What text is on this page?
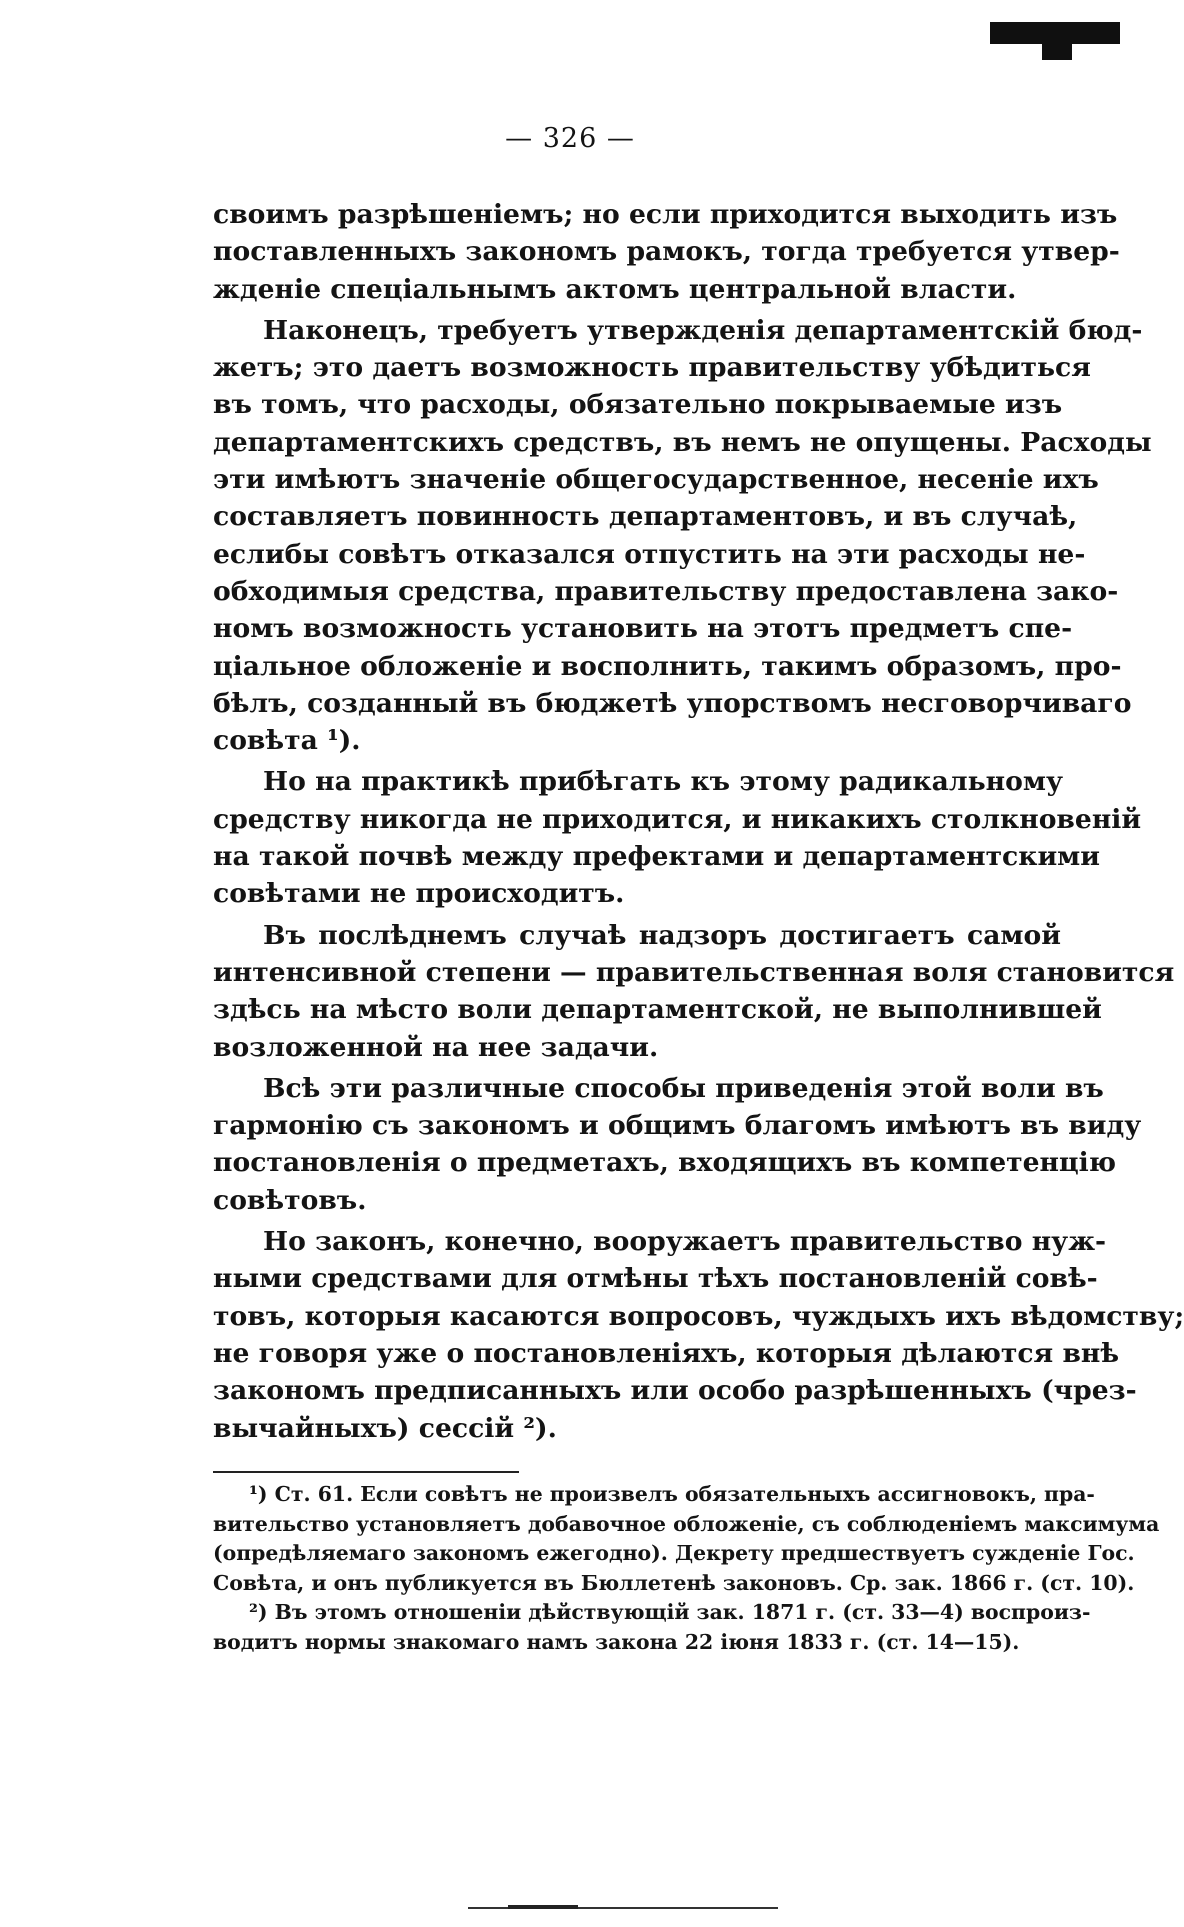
— 326 —
своимъ разрѣшеніемъ; но если приходится выходить изъ
поставленныхъ закономъ рамокъ, тогда требуется утвер-
жденіе спеціальнымъ актомъ центральной власти.
Наконецъ, требуетъ утвержденія департаментскій бюд-
жетъ; это даетъ возможность правительству убѣдиться
въ томъ, что расходы, обязательно покрываемые изъ
департаментскихъ средствъ, въ немъ не опущены. Расходы
эти имѣютъ значеніе общегосударственное, несеніе ихъ
составляетъ повинность департаментовъ, и въ случаѣ,
еслибы совѣтъ отказался отпустить на эти расходы не-
обходимыя средства, правительству предоставлена зако-
номъ возможность установить на этотъ предметъ спе-
ціальное обложеніе и восполнить, такимъ образомъ, про-
бѣлъ, созданный въ бюджетѣ упорствомъ несговорчиваго
совѣта ¹).
Но на практикѣ прибѣгать къ этому радикальному
средству никогда не приходится, и никакихъ столкновеній
на такой почвѣ между префектами и департаментскими
совѣтами не происходитъ.
Въ послѣднемъ случаѣ надзоръ достигаетъ самой
интенсивной степени — правительственная воля становится
здѣсь на мѣсто воли департаментской, не выполнившей
возложенной на нее задачи.
Всѣ эти различные способы приведенія этой воли въ
гармонію съ закономъ и общимъ благомъ имѣютъ въ виду
постановленія о предметахъ, входящихъ въ компетенцію
совѣтовъ.
Но законъ, конечно, вооружаетъ правительство нуж-
ными средствами для отмѣны тѣхъ постановленій совѣ-
товъ, которыя касаются вопросовъ, чуждыхъ ихъ вѣдомству;
не говоря уже о постановленіяхъ, которыя дѣлаются внѣ
закономъ предписанныхъ или особо разрѣшенныхъ (чрез-
вычайныхъ) сессій ²).
¹) Ст. 61. Если совѣтъ не произвелъ обязательныхъ ассигновокъ, пра-
вительство установляетъ добавочное обложеніе, съ соблюденіемъ максимума
(опредѣляемаго закономъ ежегодно). Декрету предшествуетъ сужденіе Гос.
Совѣта, и онъ публикуется въ Бюллетенѣ законовъ. Ср. зак. 1866 г. (ст. 10).
²) Въ этомъ отношеніи дѣйствующій зак. 1871 г. (ст. 33—4) воспроиз-
водитъ нормы знакомаго намъ закона 22 іюня 1833 г. (ст. 14—15).
